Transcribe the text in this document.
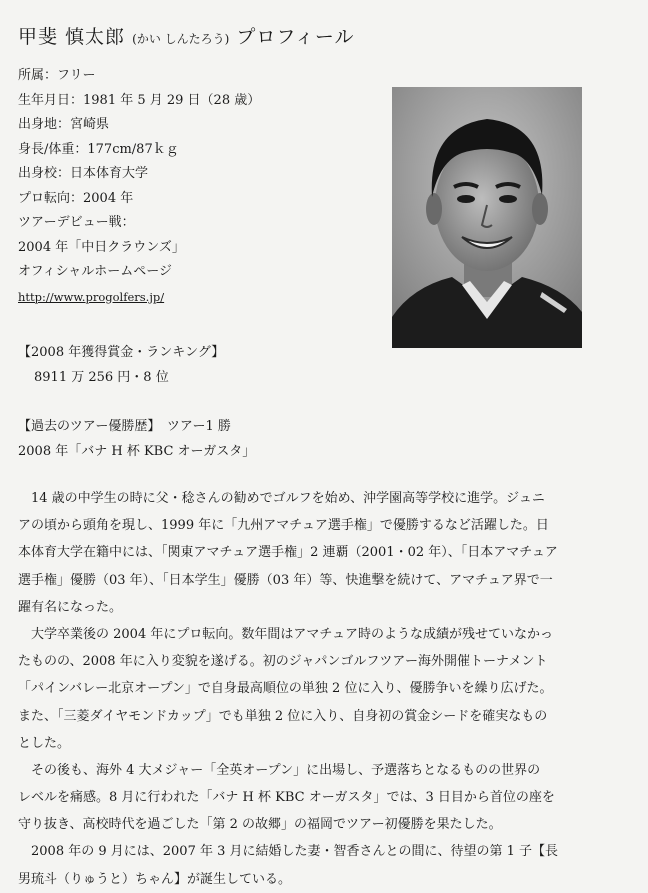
甲斐 慎太郎 (かい しんたろう) プロフィール
所属：フリー
生年月日：1981 年 5 月 29 日（28 歳）
出身地：宮崎県
身長/体重：177cm/87ｋｇ
出身校：日本体育大学
プロ転向：2004 年
ツアーデビュー戦：
2004 年「中日クラウンズ」
オフィシャルホームページ
http://www.progolfers.jp/
【2008 年獲得賞金・ランキング】
8911 万 256 円・8 位
【過去のツアー優勝歴】　ツアー1 勝
2008 年「バナ H 杯 KBC オーガスタ」

　14 歳の中学生の時に父・稔さんの勧めでゴルフを始め、沖学園高等学校に進学。ジュニ

アの頃から頭角を現し、1999 年に「九州アマチュア選手権」で優勝するなど活躍した。日

本体育大学在籍中には、「関東アマチュア選手権」2 連覇（2001・02 年）、「日本アマチュア

選手権」優勝（03 年）、「日本学生」優勝（03 年）等、快進撃を続けて、アマチュア界で一

躍有名になった。

　大学卒業後の 2004 年にプロ転向。数年間はアマチュア時のような成績が残せていなかっ

たものの、2008 年に入り変貌を遂げる。初のジャパンゴルフツアー海外開催トーナメント

「パインバレー北京オープン」で自身最高順位の単独 2 位に入り、優勝争いを繰り広げた。

また、「三菱ダイヤモンドカップ」でも単独 2 位に入り、自身初の賞金シードを確実なもの

とした。

　その後も、海外 4 大メジャー「全英オープン」に出場し、予選落ちとなるものの世界の

レベルを痛感。8 月に行われた「バナ H 杯 KBC オーガスタ」では、3 日目から首位の座を

守り抜き、高校時代を過ごした「第 2 の故郷」の福岡でツアー初優勝を果たした。

　2008 年の 9 月には、2007 年 3 月に結婚した妻・智香さんとの間に、待望の第 1 子【長

男琉斗（りゅうと）ちゃん】が誕生している。
